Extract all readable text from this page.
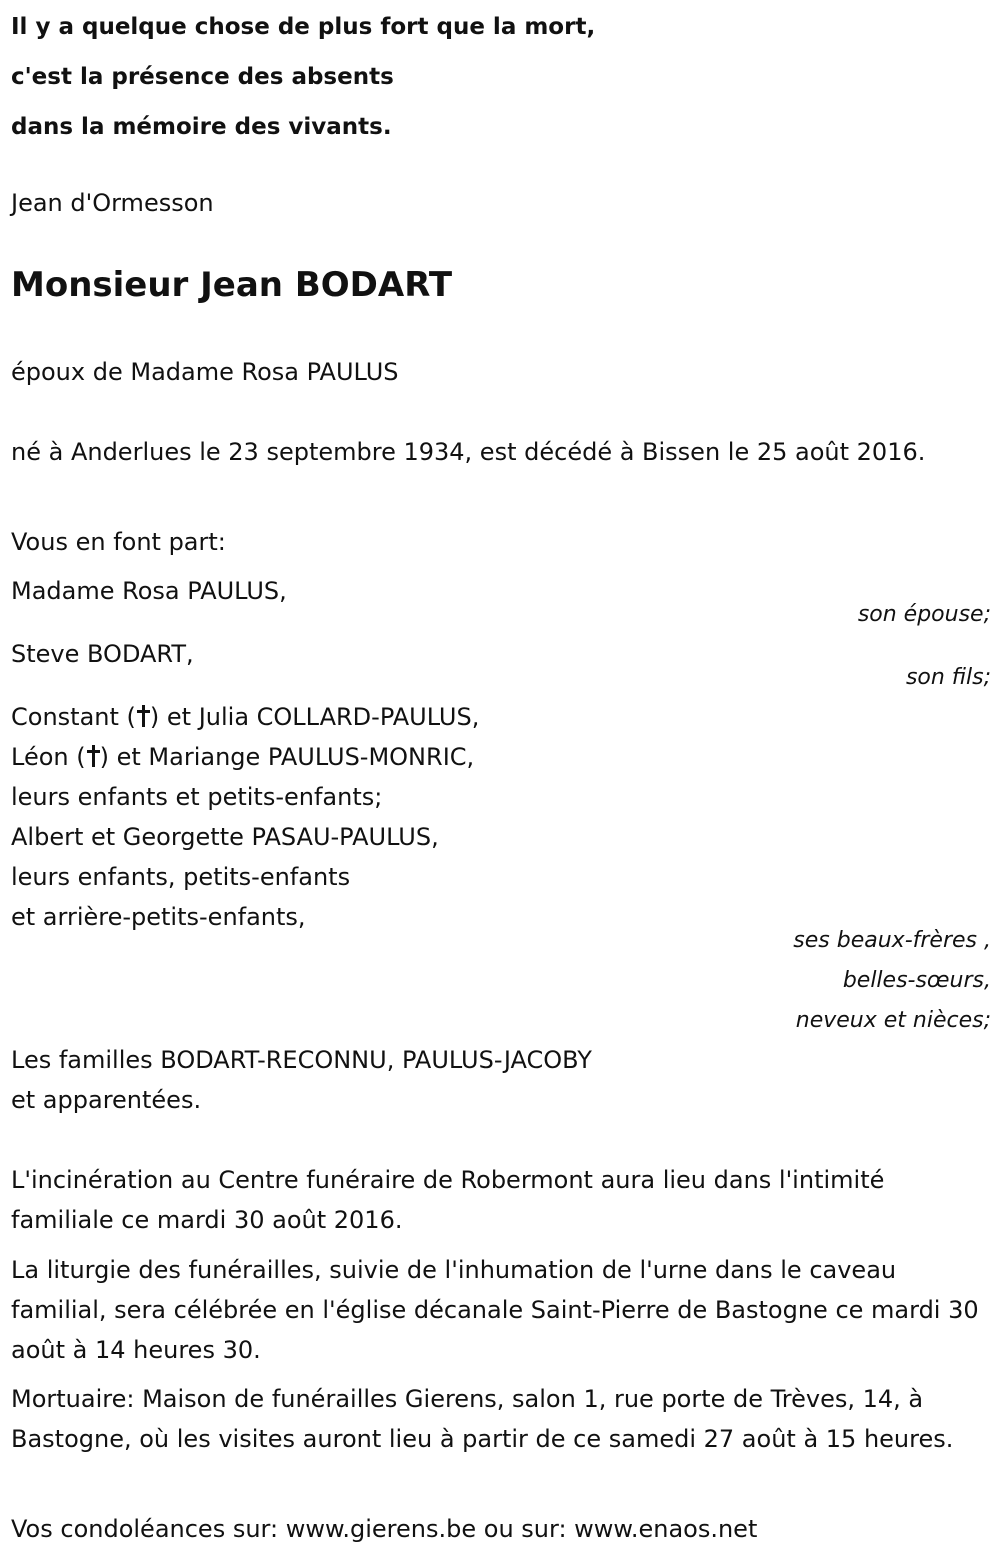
Il y a quelque chose de plus fort que la mort,

c'est la présence des absents

dans la mémoire des vivants.

Jean d'Ormesson
Monsieur Jean BODART
époux de Madame Rosa PAULUS
né à Anderlues le 23 septembre 1934, est décédé à Bissen le 25 août 2016.
Vous en font part:
Madame Rosa PAULUS,
son épouse;
Steve BODART,
son fils;
Constant ( ) et Julia COLLARD-PAULUS,
Léon ( ) et Mariange PAULUS-MONRIC,
leurs enfants et petits-enfants;
Albert et Georgette PASAU-PAULUS,
leurs enfants, petits-enfants
et arrière-petits-enfants,
ses beaux-frères ,
belles-sœurs,
neveux et nièces;
Les familles BODART-RECONNU, PAULUS-JACOBY
et apparentées.
L'incinération au Centre funéraire de Robermont aura lieu dans l'intimité familiale ce mardi 30 août 2016.
La liturgie des funérailles, suivie de l'inhumation de l'urne dans le caveau familial, sera célébrée en l'église décanale Saint-Pierre de Bastogne ce mardi 30 août à 14 heures 30.
Mortuaire: Maison de funérailles Gierens, salon 1, rue porte de Trèves, 14, à Bastogne, où les visites auront lieu à partir de ce samedi 27 août à 15 heures.
Vos condoléances sur: www.gierens.be ou sur: www.enaos.net
